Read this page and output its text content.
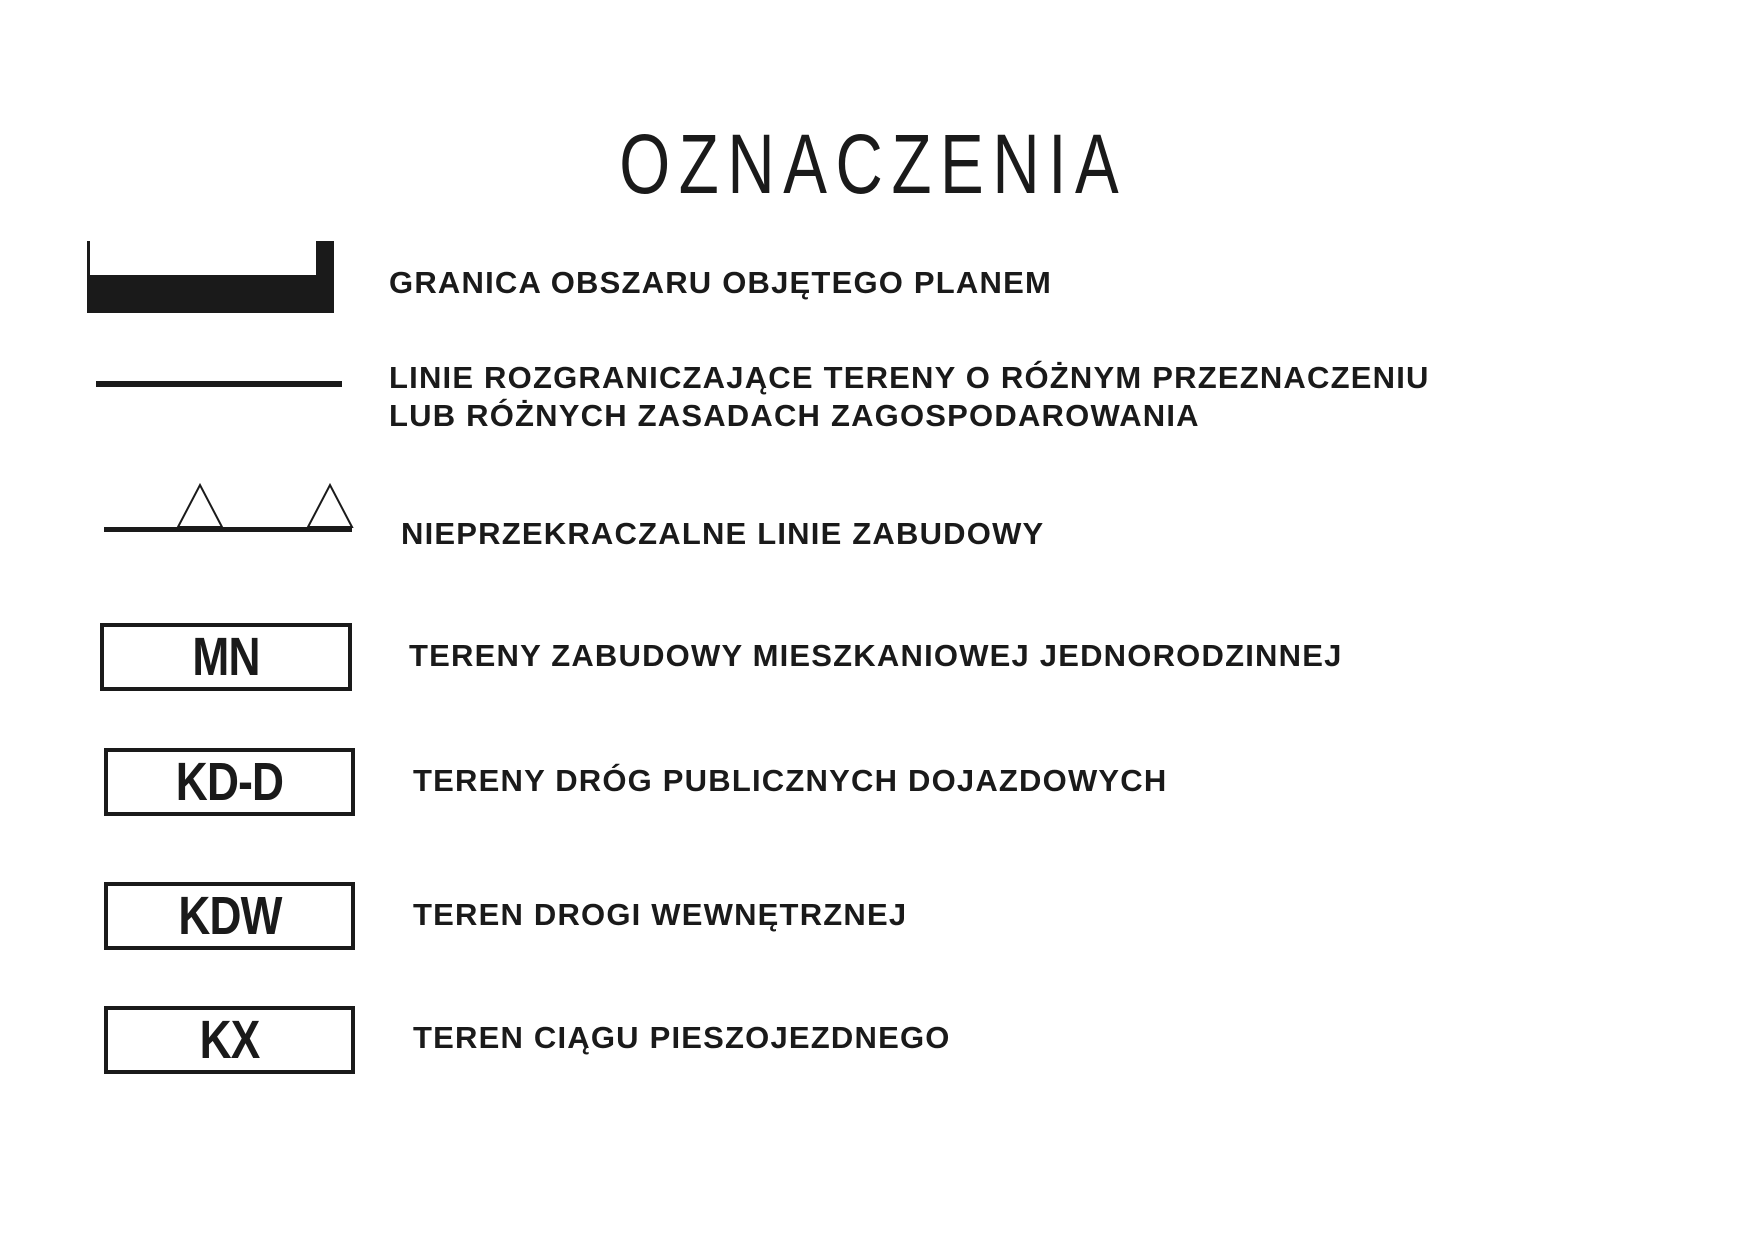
OZNACZENIA
GRANICA OBSZARU OBJĘTEGO PLANEM
LINIE ROZGRANICZAJĄCE TERENY O RÓŻNYM PRZEZNACZENIU
LUB RÓŻNYCH ZASADACH ZAGOSPODAROWANIA
NIEPRZEKRACZALNE LINIE ZABUDOWY
MN	TERENY ZABUDOWY MIESZKANIOWEJ JEDNORODZINNEJ
KD-D	TERENY DRÓG PUBLICZNYCH DOJAZDOWYCH
KDW	TEREN DROGI WEWNĘTRZNEJ
KX	TEREN CIĄGU PIESZOJEZDNEGO
